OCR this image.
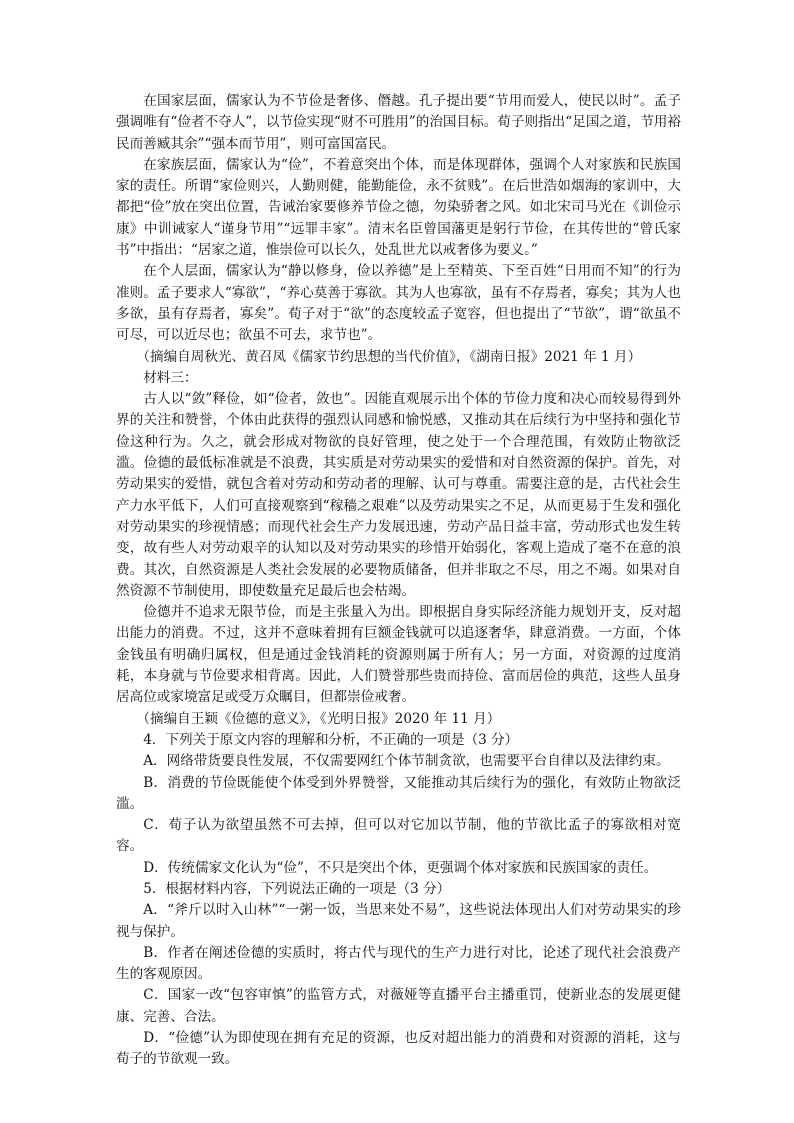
在国家层面，儒家认为不节俭是奢侈、僭越。孔子提出要“节用而爱人，使民以时”。孟子强调唯有“俭者不夺人”，以节俭实现“财不可胜用”的治国目标。荀子则指出“足国之道，节用裕民而善臧其余”“强本而节用”，则可富国富民。

在家族层面，儒家认为“俭”，不着意突出个体，而是体现群体，强调个人对家族和民族国家的责任。所谓“家俭则兴，人勤则健，能勤能俭，永不贫贱”。在后世浩如烟海的家训中，大都把“俭”放在突出位置，告诫治家要修养节俭之德，勿染骄奢之风。如北宋司马光在《训俭示康》中训诫家人“谨身节用”“远罪丰家”。清末名臣曾国藩更是躬行节俭，在其传世的“曾氏家书”中指出：“居家之道，惟崇俭可以长久，处乱世尤以戒奢侈为要义。”

在个人层面，儒家认为“静以修身，俭以养德”是上至精英、下至百姓“日用而不知”的行为准则。孟子要求人“寡欲”，“养心莫善于寡欲。其为人也寡欲，虽有不存焉者，寡矣；其为人也多欲，虽有存焉者，寡矣”。荀子对于“欲”的态度较孟子宽容，但也提出了“节欲”，谓“欲虽不可尽，可以近尽也；欲虽不可去，求节也”。

（摘编自周秋光、黄召凤《儒家节约思想的当代价值》，《湖南日报》2021 年 1 月）

材料三：

古人以“敛”释俭，如“俭者，敛也”。因能直观展示出个体的节俭力度和决心而较易得到外界的关注和赞誉，个体由此获得的强烈认同感和愉悦感，又推动其在后续行为中坚持和强化节俭这种行为。久之，就会形成对物欲的良好管理，使之处于一个合理范围，有效防止物欲泛滥。俭德的最低标准就是不浪费，其实质是对劳动果实的爱惜和对自然资源的保护。首先，对劳动果实的爱惜，就包含着对劳动和劳动者的理解、认可与尊重。需要注意的是，古代社会生产力水平低下，人们可直接观察到“稼穑之艰难”以及劳动果实之不足，从而更易于生发和强化对劳动果实的珍视情感；而现代社会生产力发展迅速，劳动产品日益丰富，劳动形式也发生转变，故有些人对劳动艰辛的认知以及对劳动果实的珍惜开始弱化，客观上造成了毫不在意的浪费。其次，自然资源是人类社会发展的必要物质储备，但并非取之不尽，用之不竭。如果对自然资源不节制使用，即使数量充足最后也会枯竭。

俭德并不追求无限节俭，而是主张量入为出。即根据自身实际经济能力规划开支，反对超出能力的消费。不过，这并不意味着拥有巨额金钱就可以追逐奢华，肆意消费。一方面，个体金钱虽有明确归属权，但是通过金钱消耗的资源则属于所有人；另一方面，对资源的过度消耗，本身就与节俭要求相背离。因此，人们赞誉那些贵而持俭、富而居俭的典范，这些人虽身居高位或家境富足或受万众瞩目，但都崇俭戒奢。

（摘编自王颖《俭德的意义》，《光明日报》2020 年 11 月）

4．下列关于原文内容的理解和分析，不正确的一项是（3 分）

A．网络带货要良性发展，不仅需要网红个体节制贪欲，也需要平台自律以及法律约束。

B．消费的节俭既能使个体受到外界赞誉，又能推动其后续行为的强化，有效防止物欲泛滥。

C．荀子认为欲望虽然不可去掉，但可以对它加以节制，他的节欲比孟子的寡欲相对宽容。

D．传统儒家文化认为“俭”，不只是突出个体，更强调个体对家族和民族国家的责任。

5．根据材料内容，下列说法正确的一项是（3 分）

A．“斧斤以时入山林”“一粥一饭，当思来处不易”，这些说法体现出人们对劳动果实的珍视与保护。

B．作者在阐述俭德的实质时，将古代与现代的生产力进行对比，论述了现代社会浪费产生的客观原因。

C．国家一改“包容审慎”的监管方式，对薇娅等直播平台主播重罚，使新业态的发展更健康、完善、合法。

D．“俭德”认为即使现在拥有充足的资源，也反对超出能力的消费和对资源的消耗，这与荀子的节欲观一致。
